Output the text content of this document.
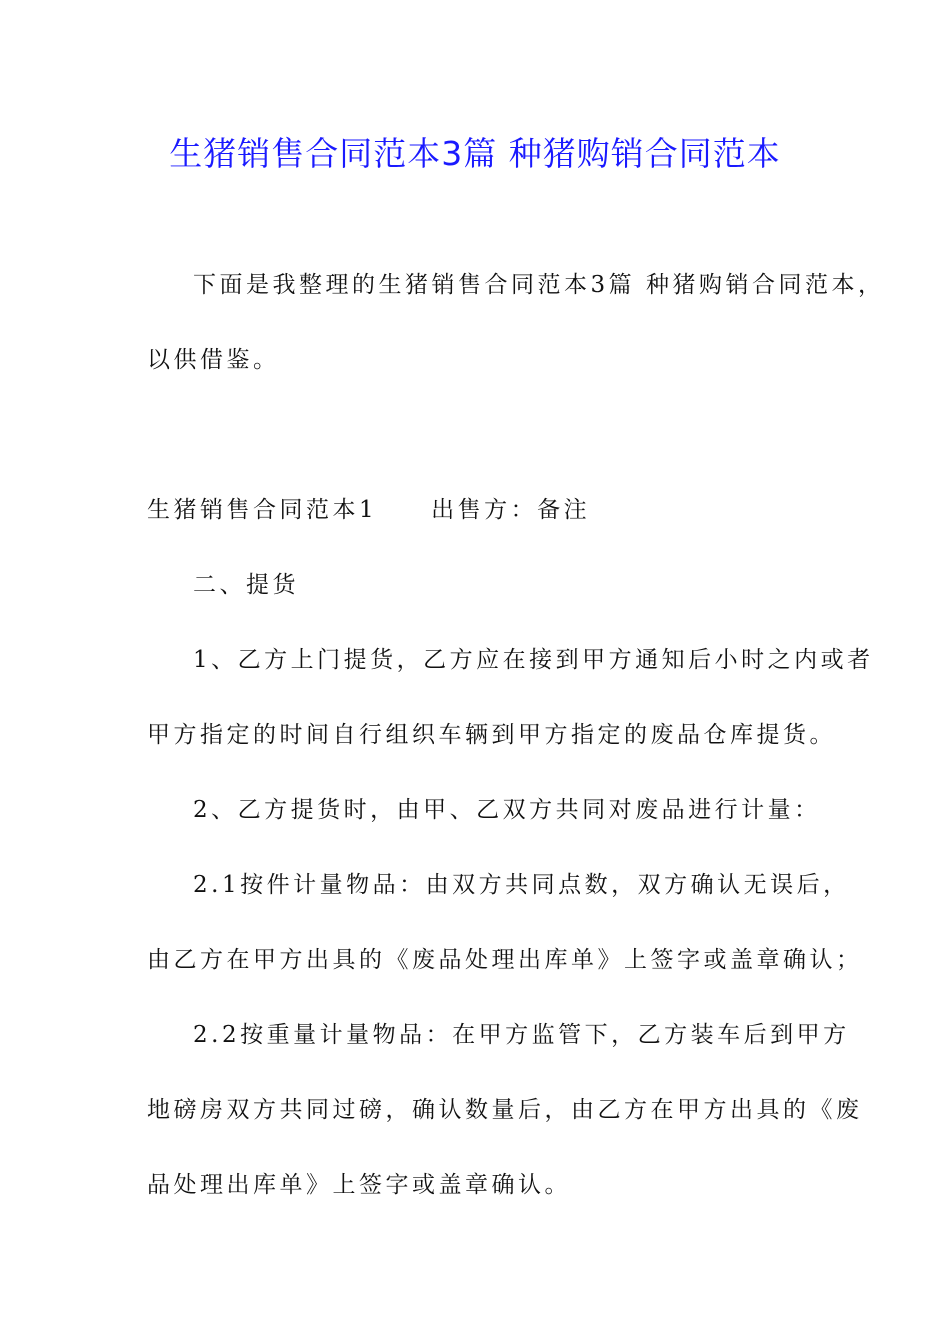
生猪销售合同范本3篇 种猪购销合同范本
下面是我整理的生猪销售合同范本3篇 种猪购销合同范本，
以供借鉴。
生猪销售合同范本1 出售方：备注
二、提货
1、乙方上门提货，乙方应在接到甲方通知后小时之内或者
甲方指定的时间自行组织车辆到甲方指定的废品仓库提货。
2、乙方提货时，由甲、乙双方共同对废品进行计量：
2.1按件计量物品：由双方共同点数，双方确认无误后，
由乙方在甲方出具的《废品处理出库单》上签字或盖章确认；
2.2按重量计量物品：在甲方监管下，乙方装车后到甲方
地磅房双方共同过磅，确认数量后，由乙方在甲方出具的《废
品处理出库单》上签字或盖章确认。
